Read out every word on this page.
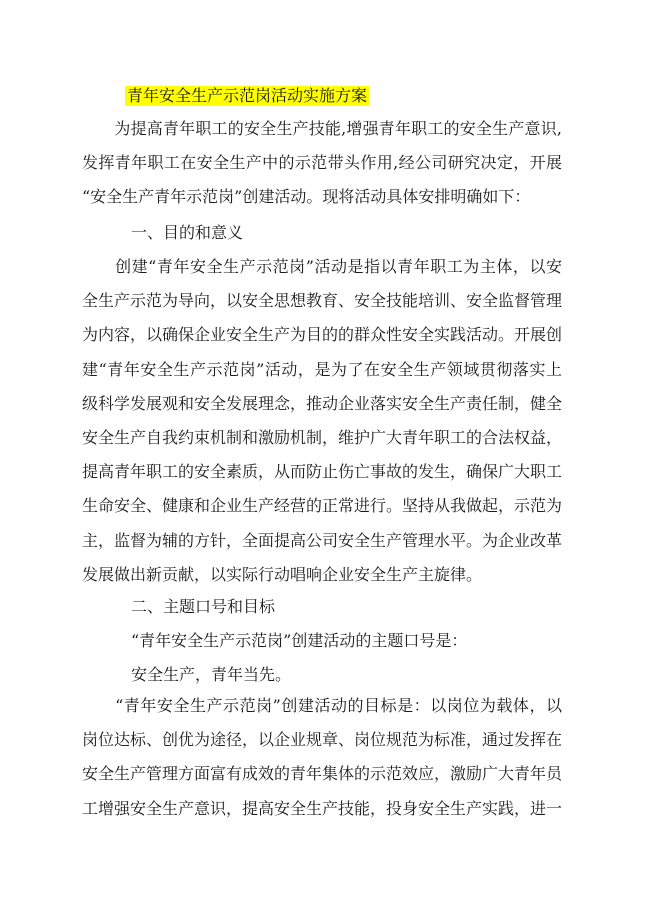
青年安全生产示范岗活动实施方案
　　为提高青年职工的安全生产技能,增强青年职工的安全生产意识,
发挥青年职工在安全生产中的示范带头作用,经公司研究决定，开展
“安全生产青年示范岗”创建活动。现将活动具体安排明确如下：
一、目的和意义
　　创建“青年安全生产示范岗”活动是指以青年职工为主体，以安
全生产示范为导向，以安全思想教育、安全技能培训、安全监督管理
为内容，以确保企业安全生产为目的的群众性安全实践活动。开展创
建“青年安全生产示范岗”活动，是为了在安全生产领域贯彻落实上
级科学发展观和安全发展理念，推动企业落实安全生产责任制，健全
安全生产自我约束机制和激励机制，维护广大青年职工的合法权益，
提高青年职工的安全素质，从而防止伤亡事故的发生，确保广大职工
生命安全、健康和企业生产经营的正常进行。坚持从我做起，示范为
主，监督为辅的方针，全面提高公司安全生产管理水平。为企业改革
发展做出新贡献，以实际行动唱响企业安全生产主旋律。
二、主题口号和目标
“青年安全生产示范岗”创建活动的主题口号是：
安全生产，青年当先。
　　“青年安全生产示范岗”创建活动的目标是：以岗位为载体，以
岗位达标、创优为途径，以企业规章、岗位规范为标准，通过发挥在
安全生产管理方面富有成效的青年集体的示范效应，激励广大青年员
工增强安全生产意识，提高安全生产技能，投身安全生产实践，进一
